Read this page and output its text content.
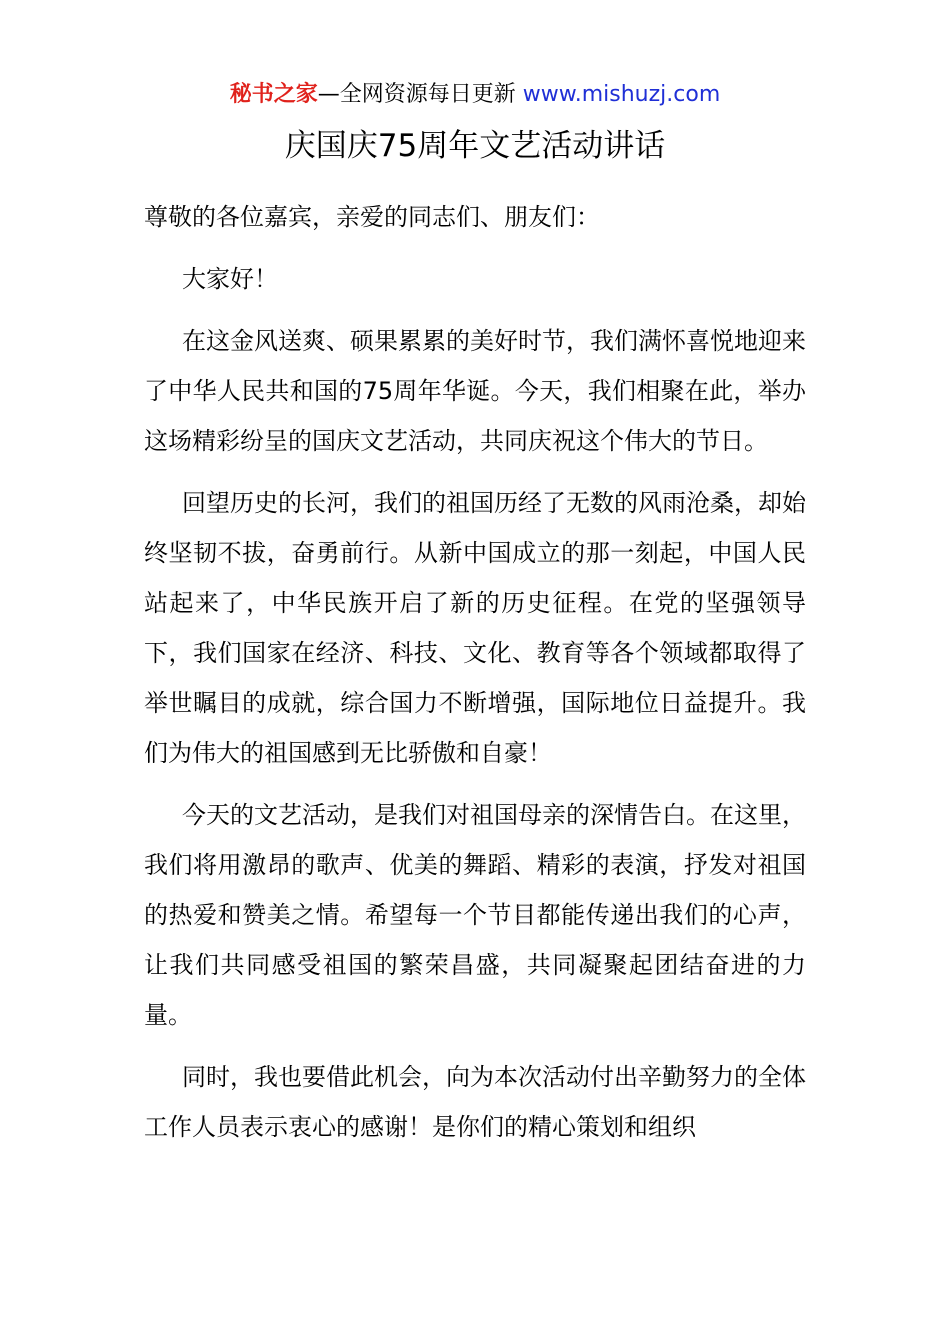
秘书之家—全网资源每日更新 www.mishuzj.com
庆国庆75周年文艺活动讲话

尊敬的各位嘉宾，亲爱的同志们、朋友们：

大家好！

在这金风送爽、硕果累累的美好时节，我们满怀喜悦地迎来了中华人民共和国的75周年华诞。今天，我们相聚在此，举办这场精彩纷呈的国庆文艺活动，共同庆祝这个伟大的节日。

回望历史的长河，我们的祖国历经了无数的风雨沧桑，却始终坚韧不拔，奋勇前行。从新中国成立的那一刻起，中国人民站起来了，中华民族开启了新的历史征程。在党的坚强领导下，我们国家在经济、科技、文化、教育等各个领域都取得了举世瞩目的成就，综合国力不断增强，国际地位日益提升。我们为伟大的祖国感到无比骄傲和自豪！

今天的文艺活动，是我们对祖国母亲的深情告白。在这里，我们将用激昂的歌声、优美的舞蹈、精彩的表演，抒发对祖国的热爱和赞美之情。希望每一个节目都能传递出我们的心声，让我们共同感受祖国的繁荣昌盛，共同凝聚起团结奋进的力量。

同时，我也要借此机会，向为本次活动付出辛勤努力的全体工作人员表示衷心的感谢！是你们的精心策划和组织
